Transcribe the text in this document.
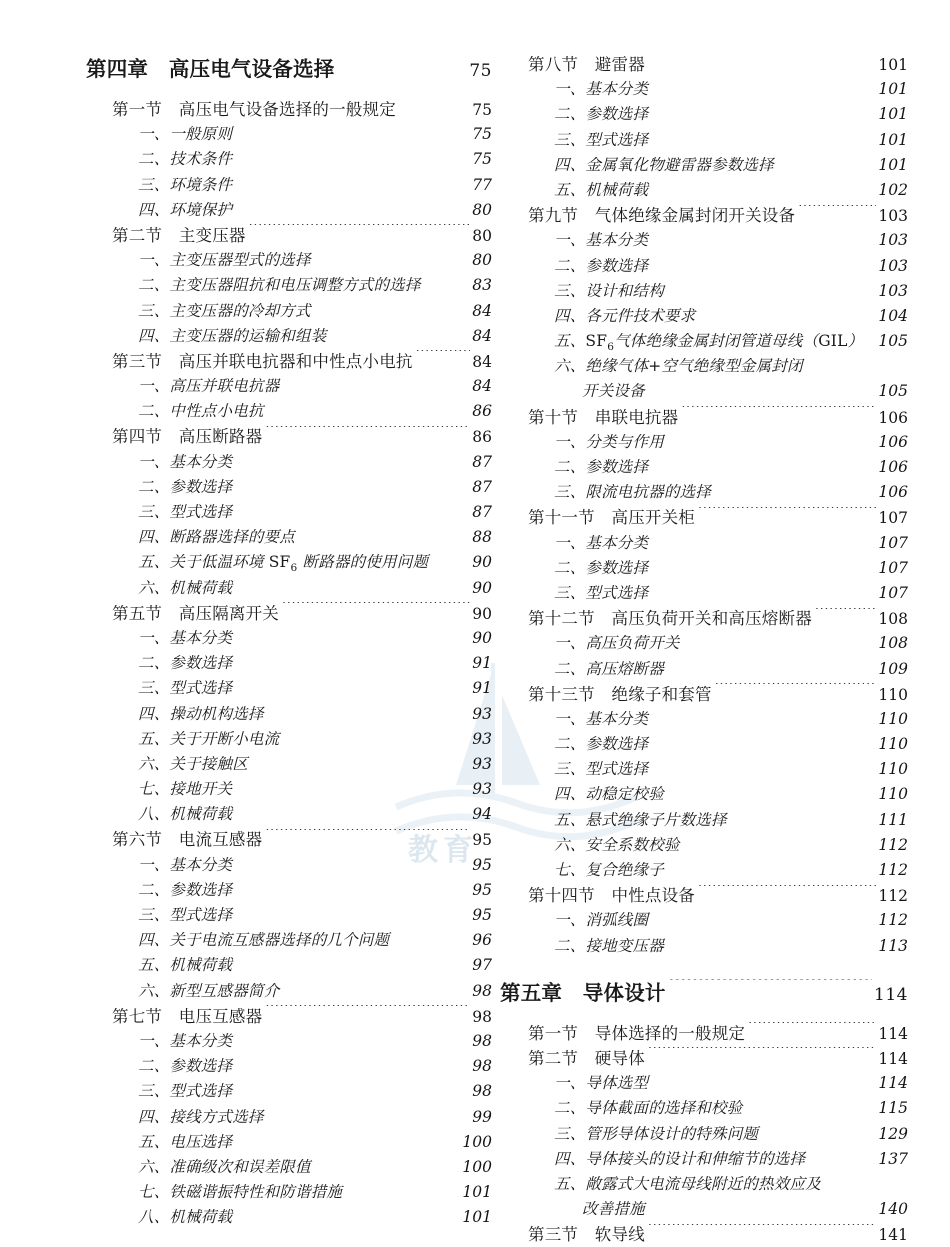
教育
第四章　高压电气设备选择 ·····	75
第一节　高压电气设备选择的一般规定 ·····	75
一、一般原则 ·····	75
二、技术条件 ·····	75
三、环境条件 ·····	77
四、环境保护 ·····	80
第二节　主变压器 ·····	80
一、主变压器型式的选择 ·····	80
二、主变压器阻抗和电压调整方式的选择 ·····	83
三、主变压器的冷却方式 ·····	84
四、主变压器的运输和组装 ·····	84
第三节　高压并联电抗器和中性点小电抗 ·····	84
一、高压并联电抗器 ·····	84
二、中性点小电抗 ·····	86
第四节　高压断路器 ·····	86
一、基本分类 ·····	87
二、参数选择 ·····	87
三、型式选择 ·····	87
四、断路器选择的要点 ·····	88
五、关于低温环境 $SF_6$ 断路器的使用问题 ·····	90
六、机械荷载 ·····	90
第五节　高压隔离开关 ·····	90
一、基本分类 ·····	90
二、参数选择 ·····	91
三、型式选择 ·····	91
四、操动机构选择 ·····	93
五、关于开断小电流 ·····	93
六、关于接触区 ·····	93
七、接地开关 ·····	93
八、机械荷载 ·····	94
第六节　电流互感器 ·····	95
一、基本分类 ·····	95
二、参数选择 ·····	95
三、型式选择 ·····	95
四、关于电流互感器选择的几个问题 ·····	96
五、机械荷载 ·····	97
六、新型互感器简介 ·····	98
第七节　电压互感器 ·····	98
一、基本分类 ·····	98
二、参数选择 ·····	98
三、型式选择 ·····	98
四、接线方式选择 ·····	99
五、电压选择 ·····	100
六、准确级次和误差限值 ·····	100
七、铁磁谐振特性和防谐措施 ·····	101
八、机械荷载 ·····	101
第八节　避雷器 ·····	101
一、基本分类 ·····	101
二、参数选择 ·····	101
三、型式选择 ·····	101
四、金属氧化物避雷器参数选择 ·····	101
五、机械荷载 ·····	102
第九节　气体绝缘金属封闭开关设备 ·····	103
一、基本分类 ·····	103
二、参数选择 ·····	103
三、设计和结构 ·····	103
四、各元件技术要求 ·····	104
五、$SF_6$气体绝缘金属封闭管道母线（GIL） ····· 105
六、绝缘气体+空气绝缘型金属封闭
开关设备 ·····	105
第十节　串联电抗器 ·····	106
一、分类与作用 ·····	106
二、参数选择 ·····	106
三、限流电抗器的选择 ·····	106
第十一节　高压开关柜 ·····	107
一、基本分类 ·····	107
二、参数选择 ·····	107
三、型式选择 ·····	107
第十二节　高压负荷开关和高压熔断器 ·····	108
一、高压负荷开关 ·····	108
二、高压熔断器 ·····	109
第十三节　绝缘子和套管 ·····	110
一、基本分类 ·····	110
二、参数选择 ·····	110
三、型式选择 ·····	110
四、动稳定校验 ·····	110
五、悬式绝缘子片数选择 ·····	111
六、安全系数校验 ·····	112
七、复合绝缘子 ·····	112
第十四节　中性点设备 ·····	112
一、消弧线圈 ·····	112
二、接地变压器 ·····	113
第五章　导体设计 ·····	114
第一节　导体选择的一般规定 ·····	114
第二节　硬导体 ·····	114
一、导体选型 ·····	114
二、导体截面的选择和校验 ·····	115
三、管形导体设计的特殊问题 ·····	129
四、导体接头的设计和伸缩节的选择 ·····	137
五、敞露式大电流母线附近的热效应及
改善措施 ·····	140
第三节　软导线 ·····	141
